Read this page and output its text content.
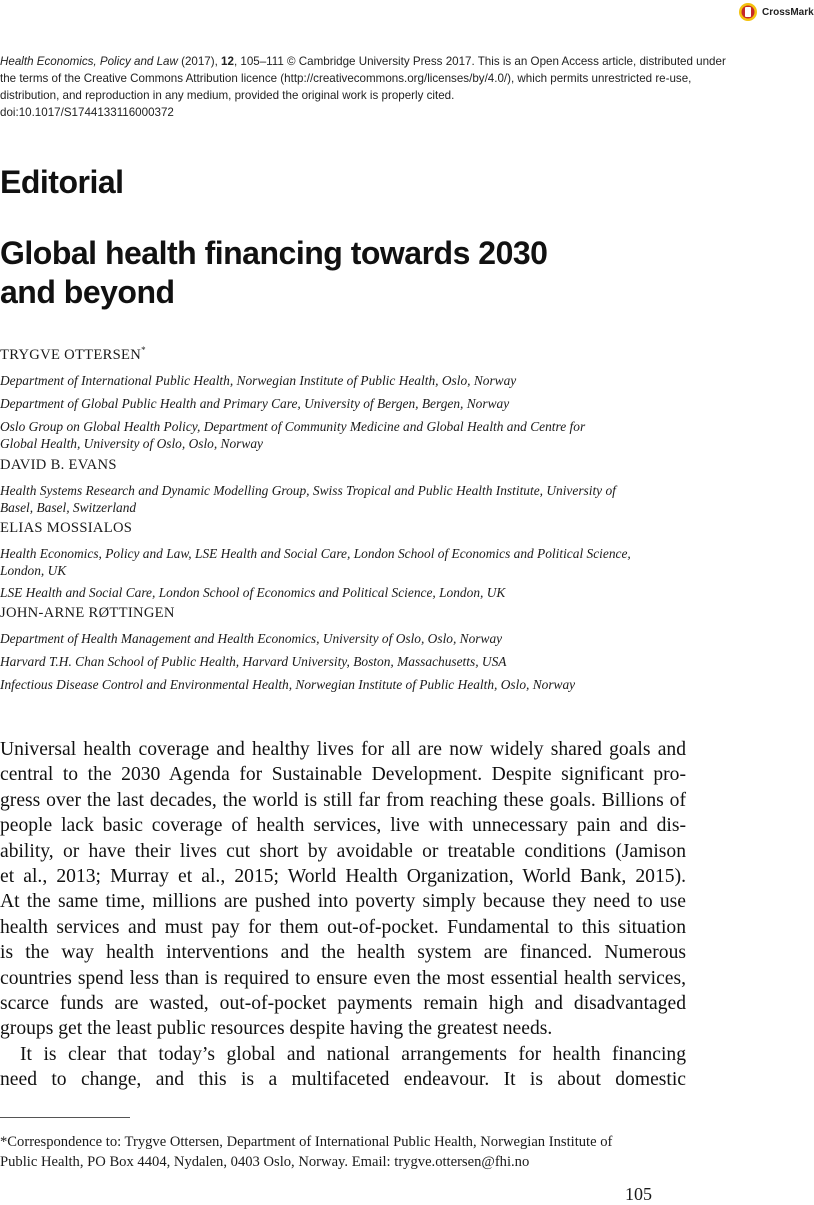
CrossMark
Health Economics, Policy and Law (2017), 12, 105–111 © Cambridge University Press 2017. This is an Open Access article, distributed under
the terms of the Creative Commons Attribution licence (http://creativecommons.org/licenses/by/4.0/), which permits unrestricted re-use,
distribution, and reproduction in any medium, provided the original work is properly cited.
doi:10.1017/S1744133116000372
Editorial
Global health financing towards 2030
and beyond
TRYGVE OTTERSEN*
Department of International Public Health, Norwegian Institute of Public Health, Oslo, Norway
Department of Global Public Health and Primary Care, University of Bergen, Bergen, Norway
Oslo Group on Global Health Policy, Department of Community Medicine and Global Health and Centre for
Global Health, University of Oslo, Oslo, Norway
DAVID B. EVANS
Health Systems Research and Dynamic Modelling Group, Swiss Tropical and Public Health Institute, University of
Basel, Basel, Switzerland
ELIAS MOSSIALOS
Health Economics, Policy and Law, LSE Health and Social Care, London School of Economics and Political Science,
London, UK
LSE Health and Social Care, London School of Economics and Political Science, London, UK
JOHN-ARNE RØTTINGEN
Department of Health Management and Health Economics, University of Oslo, Oslo, Norway
Harvard T.H. Chan School of Public Health, Harvard University, Boston, Massachusetts, USA
Infectious Disease Control and Environmental Health, Norwegian Institute of Public Health, Oslo, Norway
Universal health coverage and healthy lives for all are now widely shared goals and
central to the 2030 Agenda for Sustainable Development. Despite significant pro-
gress over the last decades, the world is still far from reaching these goals. Billions of
people lack basic coverage of health services, live with unnecessary pain and dis-
ability, or have their lives cut short by avoidable or treatable conditions (Jamison
et al., 2013; Murray et al., 2015; World Health Organization, World Bank, 2015).
At the same time, millions are pushed into poverty simply because they need to use
health services and must pay for them out-of-pocket. Fundamental to this situation
is the way health interventions and the health system are financed. Numerous
countries spend less than is required to ensure even the most essential health services,
scarce funds are wasted, out-of-pocket payments remain high and disadvantaged
groups get the least public resources despite having the greatest needs.
It is clear that today’s global and national arrangements for health financing
need to change, and this is a multifaceted endeavour. It is about domestic
*Correspondence to: Trygve Ottersen, Department of International Public Health, Norwegian Institute of
Public Health, PO Box 4404, Nydalen, 0403 Oslo, Norway. Email: trygve.ottersen@fhi.no
105
